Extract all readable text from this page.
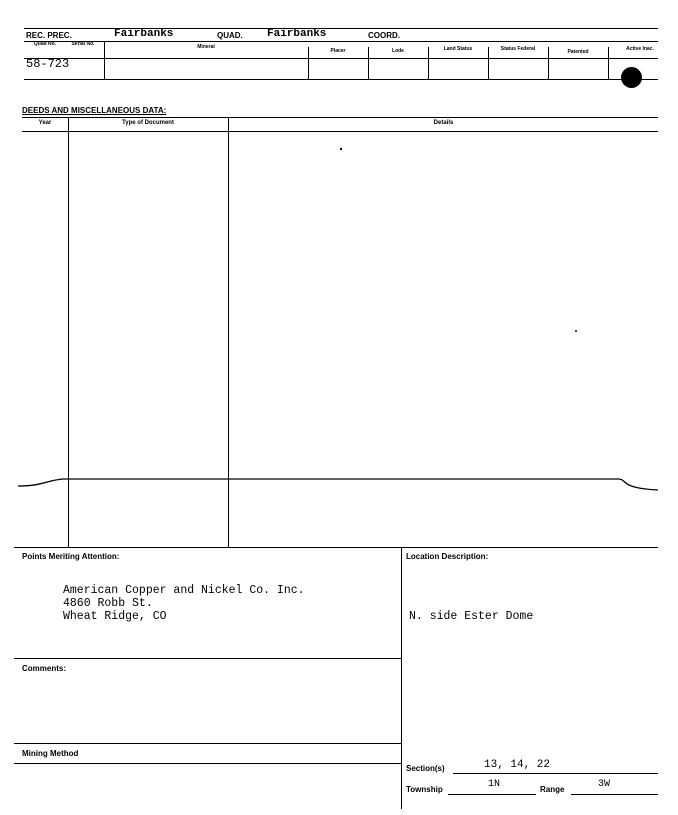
REC. PREC.	Fairbanks	QUAD. Fairbanks	COORD.
Quad No.	Serial No.	Mineral
Placer	Lode	Land Status	Status Federal	Patented	Active Inac.
58-723
DEEDS AND MISCELLANEOUS DATA:
Year	Type of Document	Details
Points Meriting Attention:
American Copper and Nickel Co. Inc.
4860 Robb St.
Wheat Ridge, CO
Location Description:
N. side Ester Dome
Comments:
Mining Method
Section(s)	13, 14, 22
Township	1N	Range	3W
